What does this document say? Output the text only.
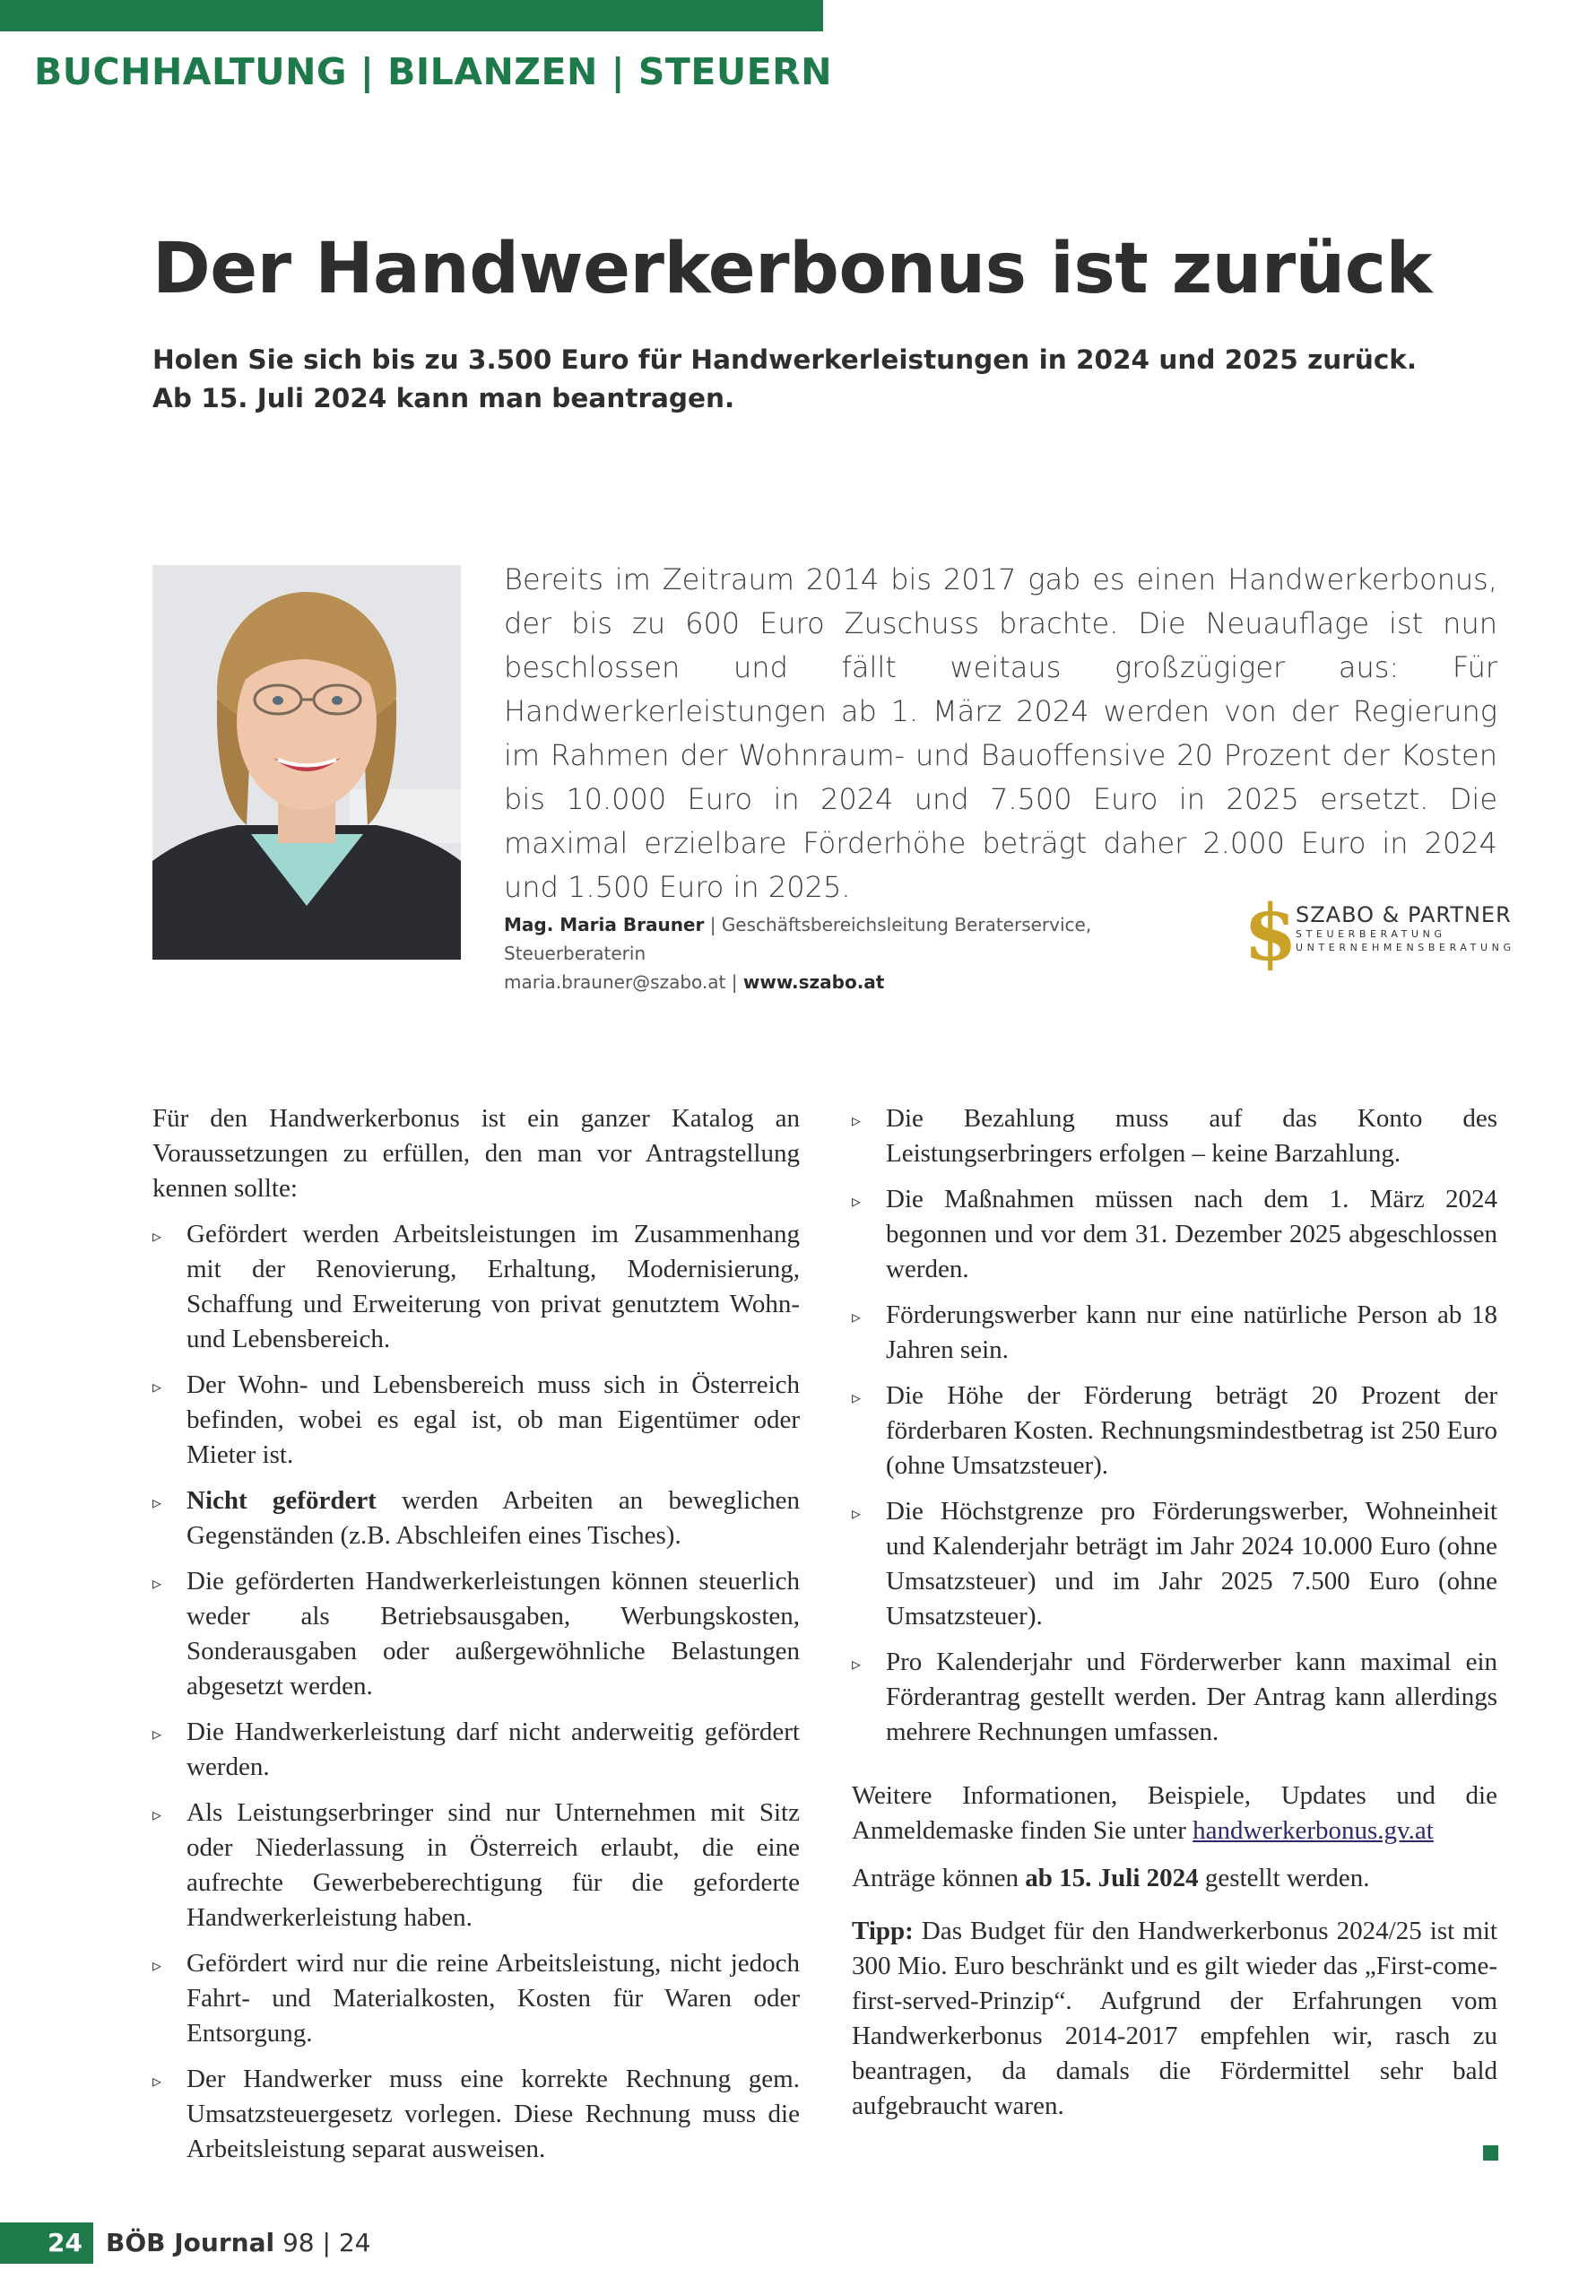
BUCHHALTUNG | BILANZEN | STEUERN
Der Handwerkerbonus ist zurück
Holen Sie sich bis zu 3.500 Euro für Handwerkerleistungen in 2024 und 2025 zurück.
Ab 15. Juli 2024 kann man beantragen.

Bereits im Zeitraum 2014 bis 2017 gab es einen Handwerkerbonus, der bis zu 600 Euro Zuschuss brachte. Die Neuauflage ist nun beschlossen und fällt weitaus großzügiger aus: Für Handwerkerleistungen ab 1. März 2024 werden von der Regierung im Rahmen der Wohnraum- und Bauoffensive 20 Prozent der Kosten bis 10.000 Euro in 2024 und 7.500 Euro in 2025 ersetzt. Die maximal erzielbare Förderhöhe beträgt daher 2.000 Euro in 2024 und 1.500 Euro in 2025.

Mag. Maria Brauner | Geschäftsbereichsleitung Beraterservice, Steuerberaterin
maria.brauner@szabo.at | www.szabo.at
$
SZABO & PARTNER
STEUERBERATUNG
UNTERNEHMENSBERATUNG

Für den Handwerkerbonus ist ein ganzer Katalog an Voraussetzungen zu erfüllen, den man vor Antragstellung kennen sollte:

▹ Gefördert werden Arbeitsleistungen im Zusammenhang mit der Renovierung, Erhaltung, Modernisierung, Schaffung und Erweiterung von privat genutztem Wohn- und Lebensbereich.
▹ Der Wohn- und Lebensbereich muss sich in Österreich befinden, wobei es egal ist, ob man Eigentümer oder Mieter ist.
▹ Nicht gefördert werden Arbeiten an beweglichen Gegenständen (z.B. Abschleifen eines Tisches).
▹ Die geförderten Handwerkerleistungen können steuerlich weder als Betriebsausgaben, Werbungskosten, Sonderausgaben oder außergewöhnliche Belastungen abgesetzt werden.
▹ Die Handwerkerleistung darf nicht anderweitig gefördert werden.
▹ Als Leistungserbringer sind nur Unternehmen mit Sitz oder Niederlassung in Österreich erlaubt, die eine aufrechte Gewerbeberechtigung für die geforderte Handwerkerleistung haben.
▹ Gefördert wird nur die reine Arbeitsleistung, nicht jedoch Fahrt- und Materialkosten, Kosten für Waren oder Entsorgung.
▹ Der Handwerker muss eine korrekte Rechnung gem. Umsatzsteuergesetz vorlegen. Diese Rechnung muss die Arbeitsleistung separat ausweisen.
▹ Die Bezahlung muss auf das Konto des Leistungserbringers erfolgen – keine Barzahlung.
▹ Die Maßnahmen müssen nach dem 1. März 2024 begonnen und vor dem 31. Dezember 2025 abgeschlossen werden.
▹ Förderungswerber kann nur eine natürliche Person ab 18 Jahren sein.
▹ Die Höhe der Förderung beträgt 20 Prozent der förderbaren Kosten. Rechnungsmindestbetrag ist 250 Euro (ohne Umsatzsteuer).
▹ Die Höchstgrenze pro Förderungswerber, Wohneinheit und Kalenderjahr beträgt im Jahr 2024 10.000 Euro (ohne Umsatzsteuer) und im Jahr 2025 7.500 Euro (ohne Umsatzsteuer).
▹ Pro Kalenderjahr und Förderwerber kann maximal ein Förderantrag gestellt werden. Der Antrag kann allerdings mehrere Rechnungen umfassen.

Weitere Informationen, Beispiele, Updates und die Anmeldemaske finden Sie unter handwerkerbonus.gv.at

Anträge können ab 15. Juli 2024 gestellt werden.

Tipp: Das Budget für den Handwerkerbonus 2024/25 ist mit 300 Mio. Euro beschränkt und es gilt wieder das „First-come-first-served-Prinzip“. Aufgrund der Erfahrungen vom Handwerkerbonus 2014-2017 empfehlen wir, rasch zu beantragen, da damals die Fördermittel sehr bald aufgebraucht waren.

24 BÖB Journal 98 | 24
